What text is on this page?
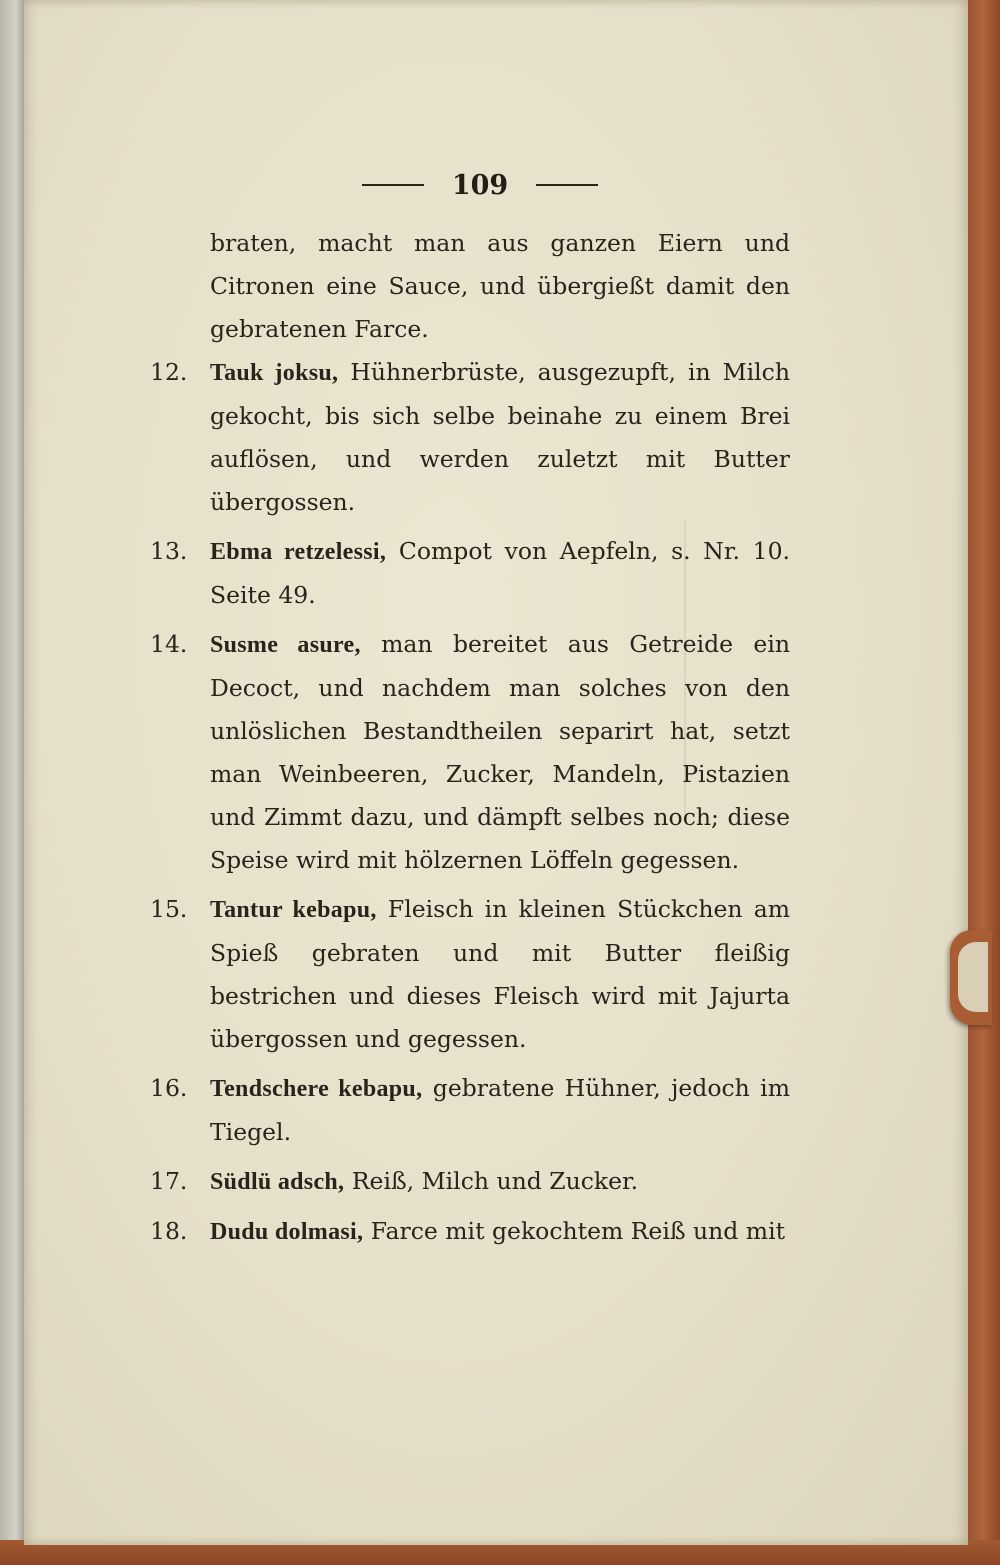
109

braten, macht man aus ganzen Eiern und Citronen eine Sauce, und übergießt damit den gebratenen Farce.

12. Tauk joksu, Hühnerbrüste, ausgezupft, in Milch gekocht, bis sich selbe beinahe zu einem Brei auflösen, und werden zuletzt mit Butter übergossen.
13. Ebma retzelessi, Compot von Aepfeln, s. Nr. 10. Seite 49.
14. Susme asure, man bereitet aus Getreide ein Decoct, und nachdem man solches von den unlöslichen Bestandtheilen separirt hat, setzt man Weinbeeren, Zucker, Mandeln, Pistazien und Zimmt dazu, und dämpft selbes noch; diese Speise wird mit hölzernen Löffeln gegessen.
15. Tantur kebapu, Fleisch in kleinen Stückchen am Spieß gebraten und mit Butter fleißig bestrichen und dieses Fleisch wird mit Jajurta übergossen und gegessen.
16. Tendschere kebapu, gebratene Hühner, jedoch im Tiegel.
17. Südlü adsch, Reiß, Milch und Zucker.
18. Dudu dolmasi, Farce mit gekochtem Reiß und mit
